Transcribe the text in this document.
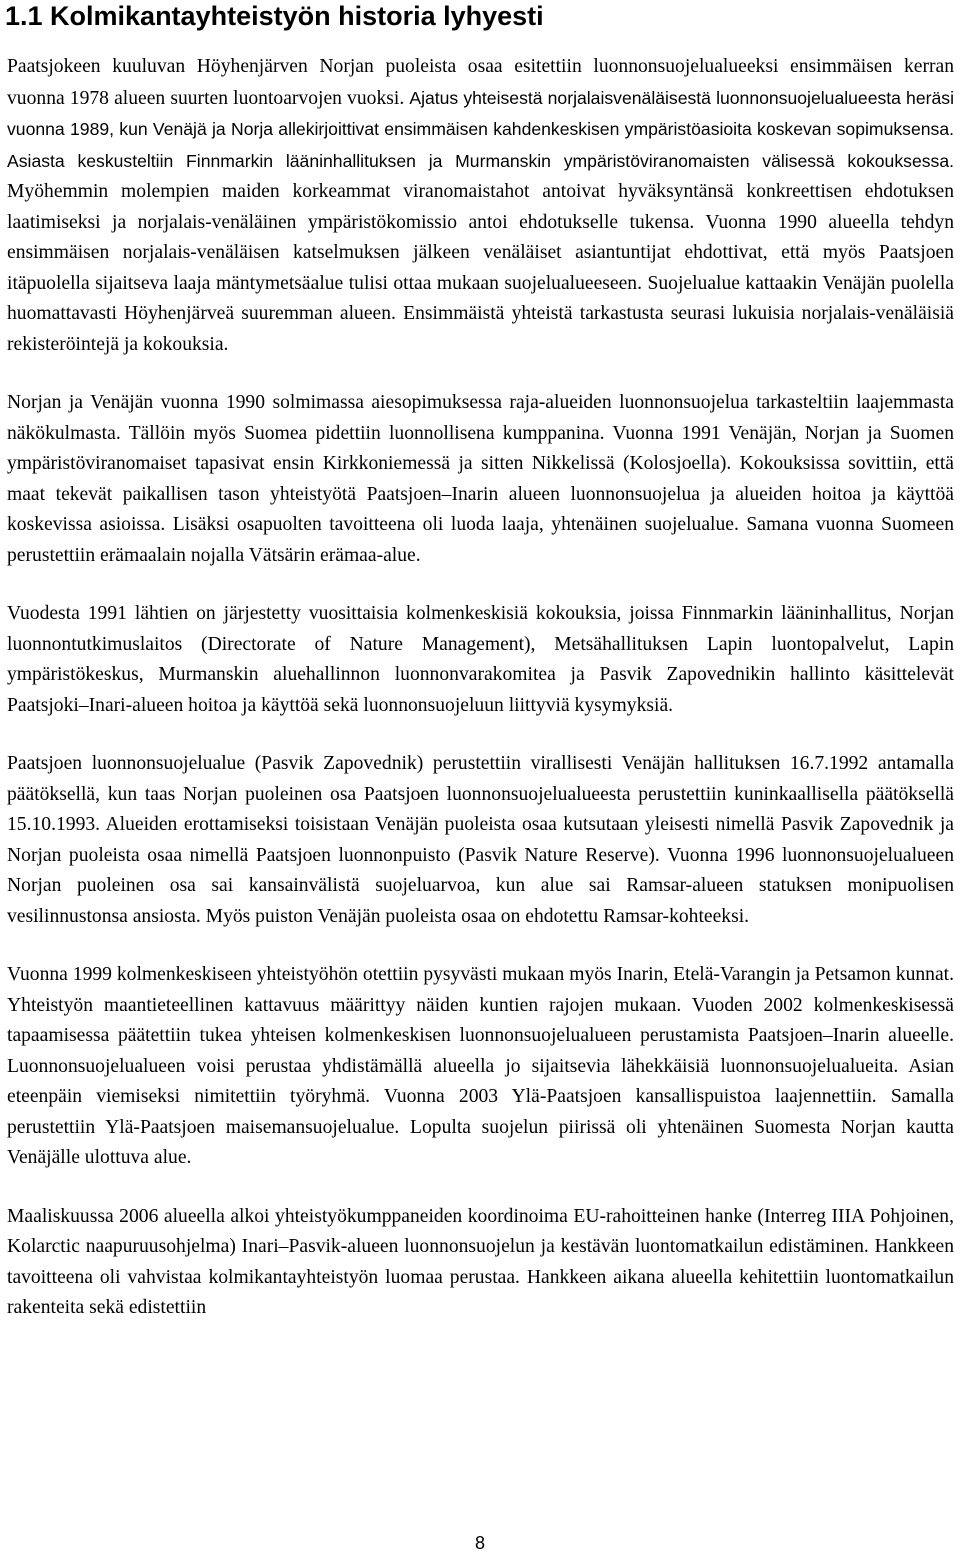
1.1 Kolmikantayhteistyön historia lyhyesti

Paatsjokeen kuuluvan Höyhenjärven Norjan puoleista osaa esitettiin luonnonsuojelualueeksi ensimmäisen kerran vuonna 1978 alueen suurten luontoarvojen vuoksi. Ajatus yhteisestä norjalaisvenäläisestä luonnonsuojelualueesta heräsi vuonna 1989, kun Venäjä ja Norja allekirjoittivat ensimmäisen kahdenkeskisen ympäristöasioita koskevan sopimuksensa. Asiasta keskusteltiin Finnmarkin lääninhallituksen ja Murmanskin ympäristöviranomaisten välisessä kokouksessa. Myöhemmin molempien maiden korkeammat viranomaistahot antoivat hyväksyntänsä konkreettisen ehdotuksen laatimiseksi ja norjalais-venäläinen ympäristökomissio antoi ehdotukselle tukensa. Vuonna 1990 alueella tehdyn ensimmäisen norjalais-venäläisen katselmuksen jälkeen venäläiset asiantuntijat ehdottivat, että myös Paatsjoen itäpuolella sijaitseva laaja mäntymetsäalue tulisi ottaa mukaan suojelualueeseen. Suojelualue kattaakin Venäjän puolella huomattavasti Höyhenjärveä suuremman alueen. Ensimmäistä yhteistä tarkastusta seurasi lukuisia norjalais-venäläisiä rekisteröintejä ja kokouksia.

Norjan ja Venäjän vuonna 1990 solmimassa aiesopimuksessa raja-alueiden luonnonsuojelua tarkasteltiin laajemmasta näkökulmasta. Tällöin myös Suomea pidettiin luonnollisena kumppanina. Vuonna 1991 Venäjän, Norjan ja Suomen ympäristöviranomaiset tapasivat ensin Kirkkoniemessä ja sitten Nikkelissä (Kolosjoella). Kokouksissa sovittiin, että maat tekevät paikallisen tason yhteistyötä Paatsjoen–Inarin alueen luonnonsuojelua ja alueiden hoitoa ja käyttöä koskevissa asioissa. Lisäksi osapuolten tavoitteena oli luoda laaja, yhtenäinen suojelualue. Samana vuonna Suomeen perustettiin erämaalain nojalla Vätsärin erämaa-alue.

Vuodesta 1991 lähtien on järjestetty vuosittaisia kolmenkeskisiä kokouksia, joissa Finnmarkin lääninhallitus, Norjan luonnontutkimuslaitos (Directorate of Nature Management), Metsähallituksen Lapin luontopalvelut, Lapin ympäristökeskus, Murmanskin aluehallinnon luonnonvarakomitea ja Pasvik Zapovednikin hallinto käsittelevät Paatsjoki–Inari-alueen hoitoa ja käyttöä sekä luonnonsuojeluun liittyviä kysymyksiä.

Paatsjoen luonnonsuojelualue (Pasvik Zapovednik) perustettiin virallisesti Venäjän hallituksen 16.7.1992 antamalla päätöksellä, kun taas Norjan puoleinen osa Paatsjoen luonnonsuojelualueesta perustettiin kuninkaallisella päätöksellä 15.10.1993. Alueiden erottamiseksi toisistaan Venäjän puoleista osaa kutsutaan yleisesti nimellä Pasvik Zapovednik ja Norjan puoleista osaa nimellä Paatsjoen luonnonpuisto (Pasvik Nature Reserve). Vuonna 1996 luonnonsuojelualueen Norjan puoleinen osa sai kansainvälistä suojeluarvoa, kun alue sai Ramsar-alueen statuksen monipuolisen vesilinnustonsa ansiosta. Myös puiston Venäjän puoleista osaa on ehdotettu Ramsar-kohteeksi.

Vuonna 1999 kolmenkeskiseen yhteistyöhön otettiin pysyvästi mukaan myös Inarin, Etelä-Varangin ja Petsamon kunnat. Yhteistyön maantieteellinen kattavuus määrittyy näiden kuntien rajojen mukaan. Vuoden 2002 kolmenkeskisessä tapaamisessa päätettiin tukea yhteisen kolmenkeskisen luonnonsuojelualueen perustamista Paatsjoen–Inarin alueelle. Luonnonsuojelualueen voisi perustaa yhdistämällä alueella jo sijaitsevia lähekkäisiä luonnonsuojelualueita. Asian eteenpäin viemiseksi nimitettiin työryhmä. Vuonna 2003 Ylä-Paatsjoen kansallispuistoa laajennettiin. Samalla perustettiin Ylä-Paatsjoen maisemansuojelualue. Lopulta suojelun piirissä oli yhtenäinen Suomesta Norjan kautta Venäjälle ulottuva alue.

Maaliskuussa 2006 alueella alkoi yhteistyökumppaneiden koordinoima EU-rahoitteinen hanke (Interreg IIIA Pohjoinen, Kolarctic naapuruusohjelma) Inari–Pasvik-alueen luonnonsuojelun ja kestävän luontomatkailun edistäminen. Hankkeen tavoitteena oli vahvistaa kolmikantayhteistyön luomaa perustaa. Hankkeen aikana alueella kehitettiin luontomatkailun rakenteita sekä edistettiin

8
